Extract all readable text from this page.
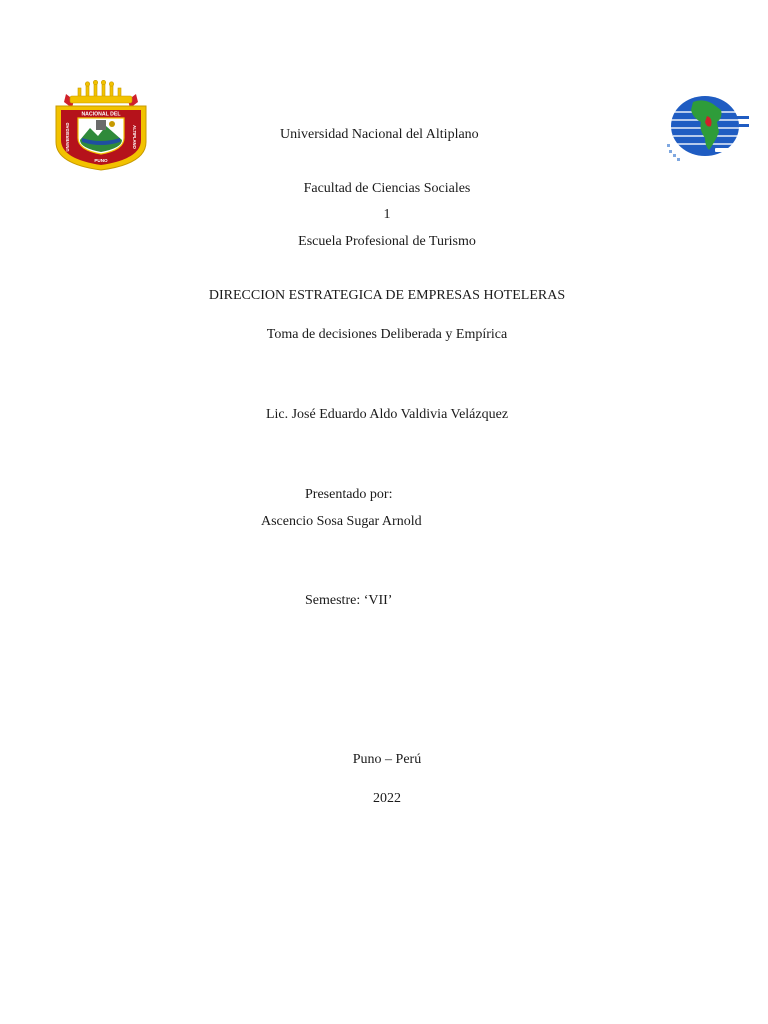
NACIONAL DEL
UNIVERSIDAD	ALTIPLANO
PUNO
Universidad Nacional del Altiplano
Facultad de Ciencias Sociales
1
Escuela Profesional de Turismo
DIRECCION ESTRATEGICA DE EMPRESAS HOTELERAS
Toma de decisiones Deliberada y Empírica
Lic. José Eduardo Aldo Valdivia Velázquez
Presentado por:
Ascencio Sosa Sugar Arnold
Semestre: ‘VII’
Puno – Perú
2022
